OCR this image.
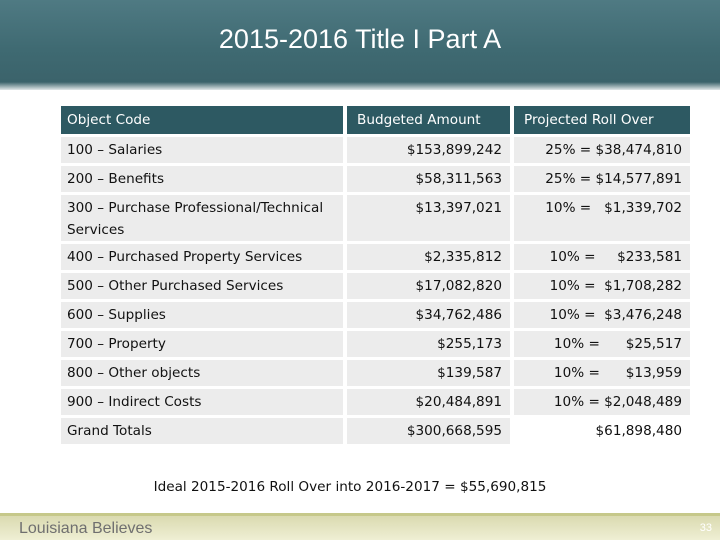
2015-2016 Title I Part A
Object Code		Budgeted Amount		Projected Roll Over
100 – Salaries		$153,899,242		25% = $38,474,810
200 – Benefits		$58,311,563		25% = $14,577,891
300 – Purchase Professional/Technical Services		$13,397,021		10% =   $1,339,702
400 – Purchased Property Services		$2,335,812		10% =     $233,581
500 – Other Purchased Services		$17,082,820		10% =  $1,708,282
600 – Supplies		$34,762,486		10% =  $3,476,248
700 – Property		$255,173		10% =      $25,517
800 – Other objects		$139,587		10% =      $13,959
900 – Indirect Costs		$20,484,891		10% = $2,048,489
Grand Totals		$300,668,595		$61,898,480
Ideal 2015-2016 Roll Over into 2016-2017 = $55,690,815
Louisiana Believes	33
